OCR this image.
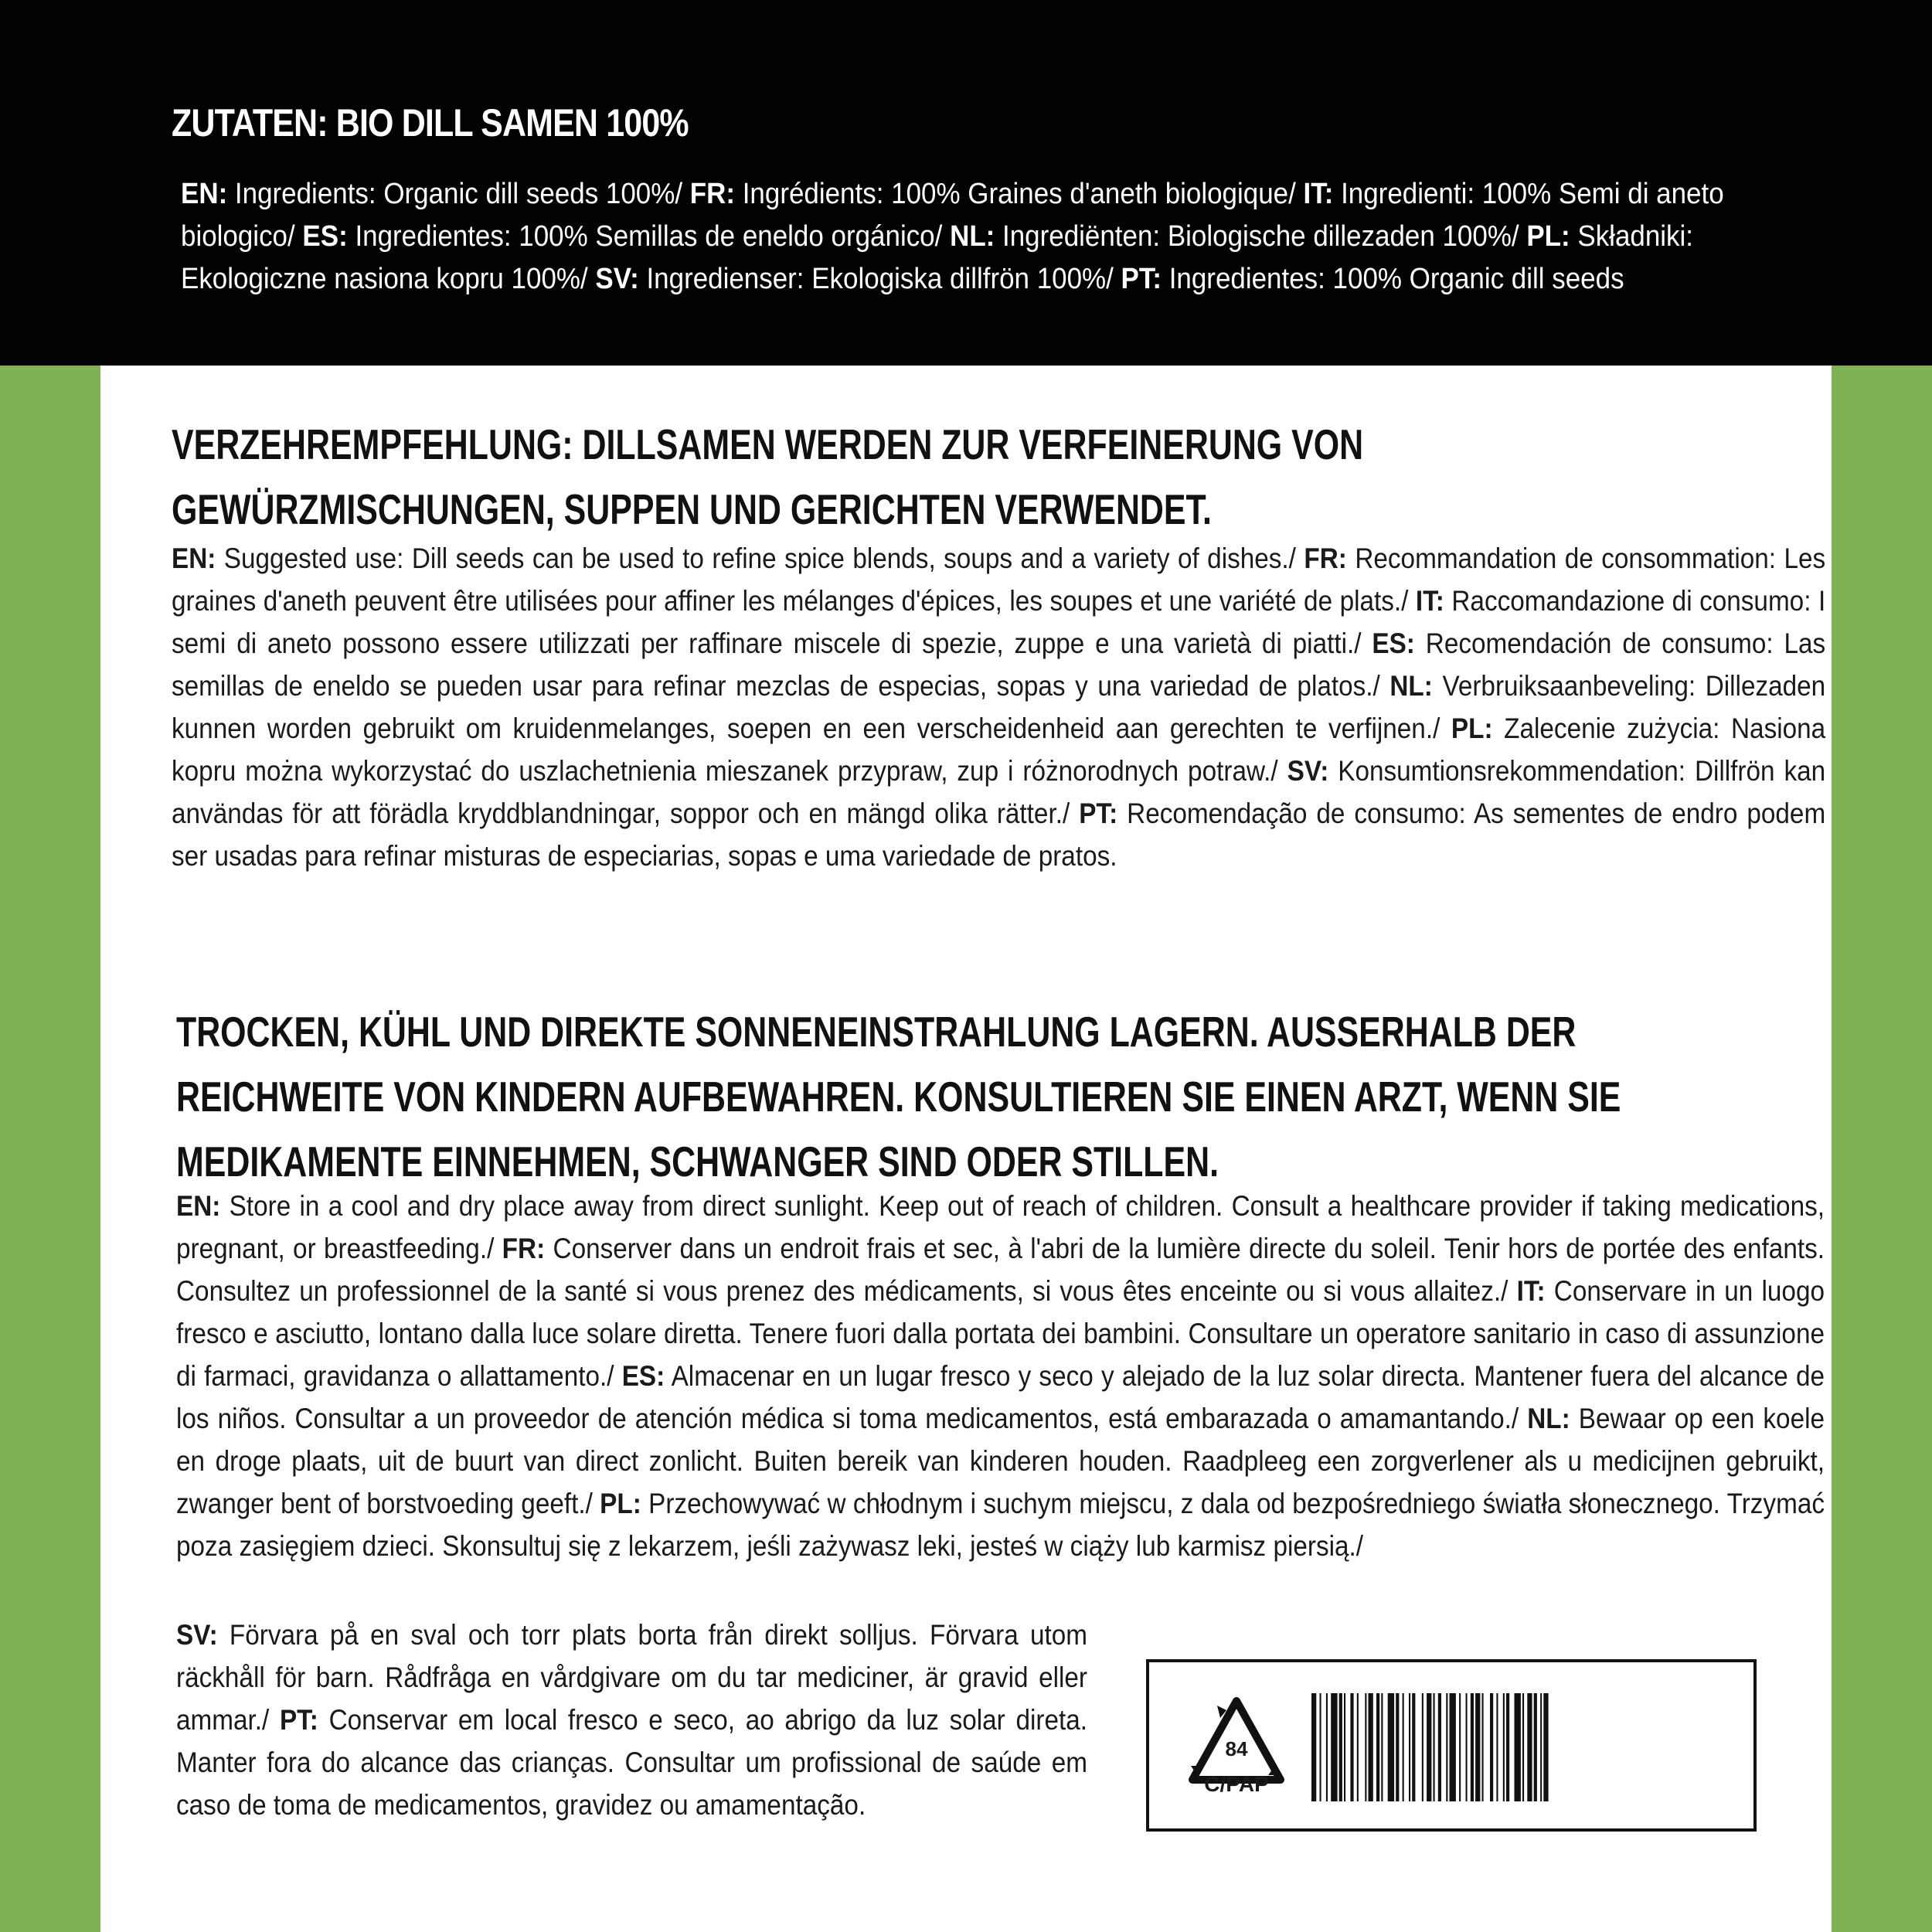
ZUTATEN: BIO DILL SAMEN 100%
EN: Ingredients: Organic dill seeds 100%/ FR: Ingrédients: 100% Graines d'aneth biologique/ IT: Ingredienti: 100% Semi di aneto biologico/ ES: Ingredientes: 100% Semillas de eneldo orgánico/ NL: Ingrediënten: Biologische dillezaden 100%/ PL: Składniki: Ekologiczne nasiona kopru 100%/ SV: Ingredienser: Ekologiska dillfrön 100%/ PT: Ingredientes: 100% Organic dill seeds
VERZEHREMPFEHLUNG: DILLSAMEN WERDEN ZUR VERFEINERUNG VON GEWÜRZMISCHUNGEN, SUPPEN UND GERICHTEN VERWENDET.
EN: Suggested use: Dill seeds can be used to refine spice blends, soups and a variety of dishes./ FR: Recommandation de consommation: Les graines d'aneth peuvent être utilisées pour affiner les mélanges d'épices, les soupes et une variété de plats./ IT: Raccomandazione di consumo: I semi di aneto possono essere utilizzati per raffinare miscele di spezie, zuppe e una varietà di piatti./ ES: Recomendación de consumo: Las semillas de eneldo se pueden usar para refinar mezclas de especias, sopas y una variedad de platos./ NL: Verbruiksaanbeveling: Dillezaden kunnen worden gebruikt om kruidenmelanges, soepen en een verscheidenheid aan gerechten te verfijnen./ PL: Zalecenie zużycia: Nasiona kopru można wykorzystać do uszlachetnienia mieszanek przypraw, zup i różnorodnych potraw./ SV: Konsumtionsrekommendation: Dillfrön kan användas för att förädla kryddblandningar, soppor och en mängd olika rätter./ PT: Recomendação de consumo: As sementes de endro podem ser usadas para refinar misturas de especiarias, sopas e uma variedade de pratos.
TROCKEN, KÜHL UND DIREKTE SONNENEINSTRAHLUNG LAGERN. AUSSERHALB DER REICHWEITE VON KINDERN AUFBEWAHREN. KONSULTIEREN SIE EINEN ARZT, WENN SIE MEDIKAMENTE EINNEHMEN, SCHWANGER SIND ODER STILLEN.
EN: Store in a cool and dry place away from direct sunlight. Keep out of reach of children. Consult a healthcare provider if taking medications, pregnant, or breastfeeding./ FR: Conserver dans un endroit frais et sec, à l'abri de la lumière directe du soleil. Tenir hors de portée des enfants. Consultez un professionnel de la santé si vous prenez des médicaments, si vous êtes enceinte ou si vous allaitez./ IT: Conservare in un luogo fresco e asciutto, lontano dalla luce solare diretta. Tenere fuori dalla portata dei bambini. Consultare un operatore sanitario in caso di assunzione di farmaci, gravidanza o allattamento./ ES: Almacenar en un lugar fresco y seco y alejado de la luz solar directa. Mantener fuera del alcance de los niños. Consultar a un proveedor de atención médica si toma medicamentos, está embarazada o amamantando./ NL: Bewaar op een koele en droge plaats, uit de buurt van direct zonlicht. Buiten bereik van kinderen houden. Raadpleeg een zorgverlener als u medicijnen gebruikt, zwanger bent of borstvoeding geeft./ PL: Przechowywać w chłodnym i suchym miejscu, z dala od bezpośredniego światła słonecznego. Trzymać poza zasięgiem dzieci. Skonsultuj się z lekarzem, jeśli zażywasz leki, jesteś w ciąży lub karmisz piersią./
SV: Förvara på en sval och torr plats borta från direkt solljus. Förvara utom räckhåll för barn. Rådfråga en vårdgivare om du tar mediciner, är gravid eller ammar./ PT: Conservar em local fresco e seco, ao abrigo da luz solar direta. Manter fora do alcance das crianças. Consultar um profissional de saúde em caso de toma de medicamentos, gravidez ou amamentação.
84
C/PAP
